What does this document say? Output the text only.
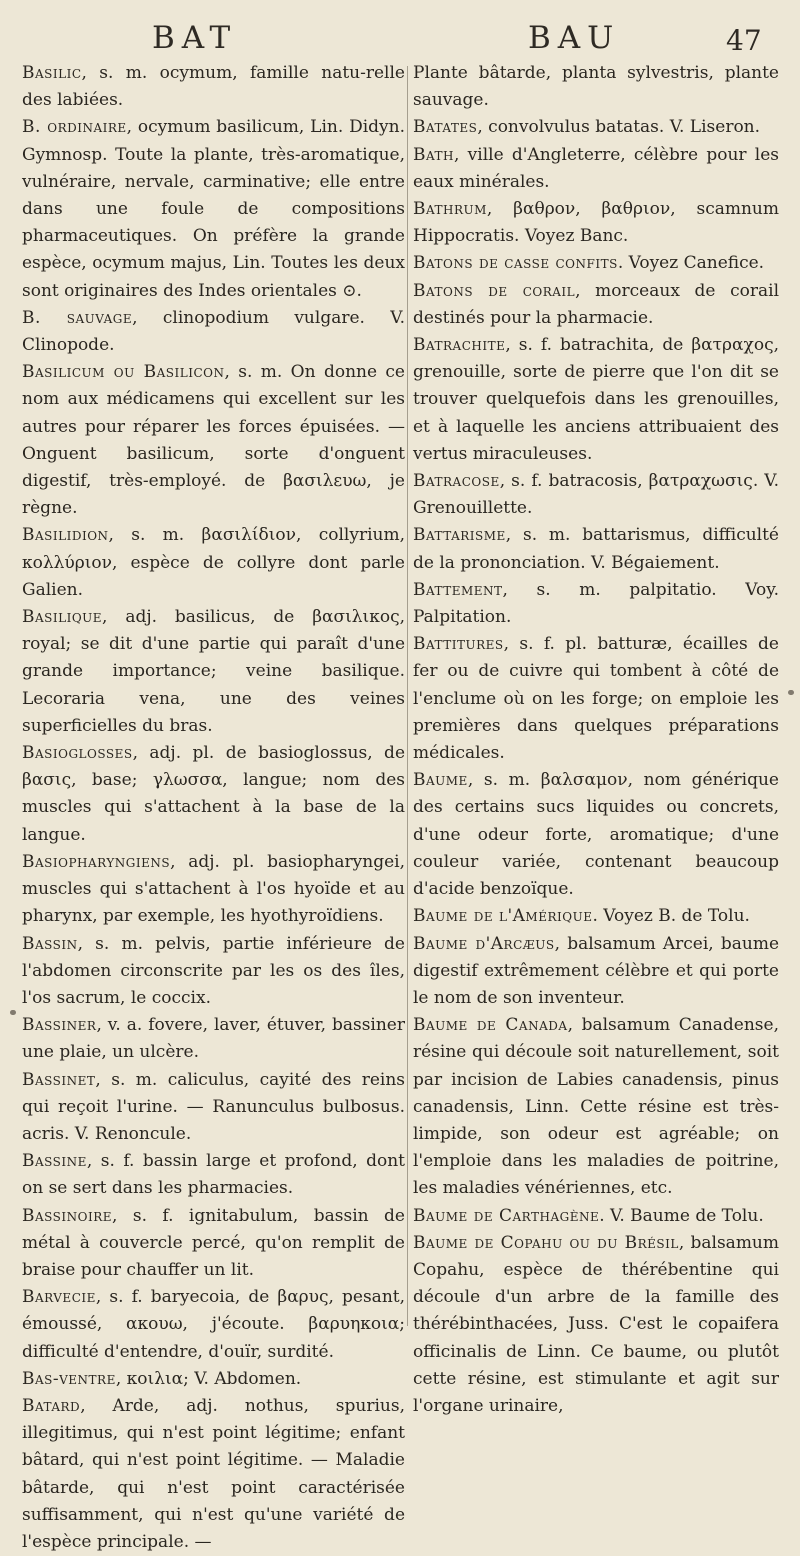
BAT	BAU	47

Basilic, s. m. ocymum, famille natu-relle des labiées.

B. ordinaire, ocymum basilicum, Lin. Didyn. Gymnosp. Toute la plante, très-aromatique, vulnéraire, nervale, carminative; elle entre dans une foule de compositions pharmaceutiques. On préfère la grande espèce, ocymum majus, Lin. Toutes les deux sont originaires des Indes orientales ⊙.

B. sauvage, clinopodium vulgare. V. Clinopode.

Basilicum ou Basilicon, s. m. On donne ce nom aux médicamens qui excellent sur les autres pour réparer les forces épuisées. — Onguent basilicum, sorte d'onguent digestif, très-employé. de βασιλευω, je règne.

Basilidion, s. m. βασιλίδιον, collyrium, κολλύριον, espèce de collyre dont parle Galien.

Basilique, adj. basilicus, de βασιλικος, royal; se dit d'une partie qui paraît d'une grande importance; veine basilique. Lecoraria vena, une des veines superficielles du bras.

Basioglosses, adj. pl. de basioglossus, de βασις, base; γλωσσα, langue; nom des muscles qui s'attachent à la base de la langue.

Basiopharyngiens, adj. pl. basiopharyngei, muscles qui s'attachent à l'os hyoïde et au pharynx, par exemple, les hyothyroïdiens.

Bassin, s. m. pelvis, partie inférieure de l'abdomen circonscrite par les os des îles, l'os sacrum, le coccix.

Bassiner, v. a. fovere, laver, étuver, bassiner une plaie, un ulcère.

Bassinet, s. m. caliculus, cayité des reins qui reçoit l'urine. — Ranunculus bulbosus. acris. V. Renoncule.

Bassine, s. f. bassin large et profond, dont on se sert dans les pharmacies.

Bassinoire, s. f. ignitabulum, bassin de métal à couvercle percé, qu'on remplit de braise pour chauffer un lit.

Barvecie, s. f. baryecoia, de βαρυς, pesant, émoussé, ακουω, j'écoute. βαρυηκοια; difficulté d'entendre, d'ouïr, surdité.

Bas-ventre, κοιλια; V. Abdomen.

Batard, Arde, adj. nothus, spurius, illegitimus, qui n'est point légitime; enfant bâtard, qui n'est point légitime. — Maladie bâtarde, qui n'est point caractérisée suffisamment, qui n'est qu'une variété de l'espèce principale. —

Plante bâtarde, planta sylvestris, plante sauvage.

Batates, convolvulus batatas. V. Liseron.

Bath, ville d'Angleterre, célèbre pour les eaux minérales.

Bathrum, βαθρον, βαθριον, scamnum Hippocratis. Voyez Banc.

Batons de casse confits. Voyez Canefice.

Batons de corail, morceaux de corail destinés pour la pharmacie.

Batrachite, s. f. batrachita, de βατραχος, grenouille, sorte de pierre que l'on dit se trouver quelquefois dans les grenouilles, et à laquelle les anciens attribuaient des vertus miraculeuses.

Batracose, s. f. batracosis, βατραχωσις. V. Grenouillette.

Battarisme, s. m. battarismus, difficulté de la prononciation. V. Bégaiement.

Battement, s. m. palpitatio. Voy. Palpitation.

Battitures, s. f. pl. batturæ, écailles de fer ou de cuivre qui tombent à côté de l'enclume où on les forge; on emploie les premières dans quelques préparations médicales.

Baume, s. m. βαλσαμον, nom générique des certains sucs liquides ou concrets, d'une odeur forte, aromatique; d'une couleur variée, contenant beaucoup d'acide benzoïque.

Baume de l'Amérique. Voyez B. de Tolu.

Baume d'Arcæus, balsamum Arcei, baume digestif extrêmement célèbre et qui porte le nom de son inventeur.

Baume de Canada, balsamum Canadense, résine qui découle soit naturellement, soit par incision de Labies canadensis, pinus canadensis, Linn. Cette résine est très-limpide, son odeur est agréable; on l'emploie dans les maladies de poitrine, les maladies vénériennes, etc.

Baume de Carthagène. V. Baume de Tolu.

Baume de Copahu ou du Brésil, balsamum Copahu, espèce de thérébentine qui découle d'un arbre de la famille des thérébinthacées, Juss. C'est le copaifera officinalis de Linn. Ce baume, ou plutôt cette résine, est stimulante et agit sur l'organe urinaire,
